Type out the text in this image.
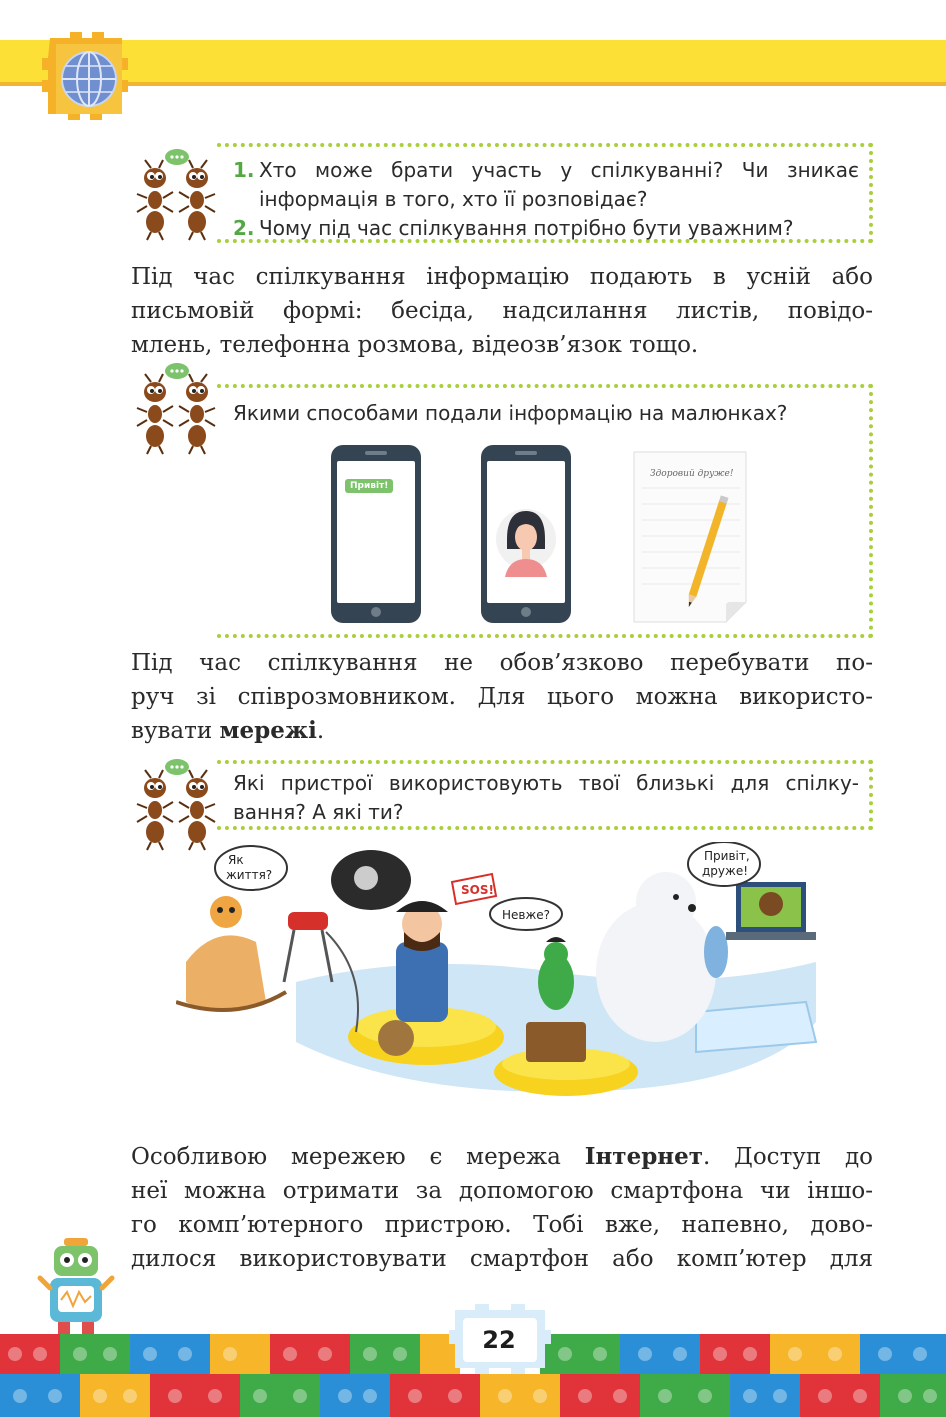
1. Хто може брати участь у спілкуванні? Чи зникає
інформація в того, хто її розповідає?
2. Чому під час спілкування потрібно бути уважним?
Під час спілкування інформацію подають в усній або
письмовій формі: бесіда, надсилання листів, повідо-
млень, телефонна розмова, відеозв’язок тощо.
Якими способами подали інформацію на малюнках?
Привіт!
Здоровий друже!
Під час спілкування не обов’язково перебувати по-
руч зі співрозмовником. Для цього можна використо-
вувати мережі.
Які пристрої використовують твої близькі для спілку-
вання? А які ти?
Як
життя?
SOS!
Невже?
Привіт,
друже!
Особливою мережею є мережа Інтернет. Доступ до
неї можна отримати за допомогою смартфона чи іншо-
го комп’ютерного пристрою. Тобі вже, напевно, дово-
дилося використовувати смартфон або комп’ютер для
22
